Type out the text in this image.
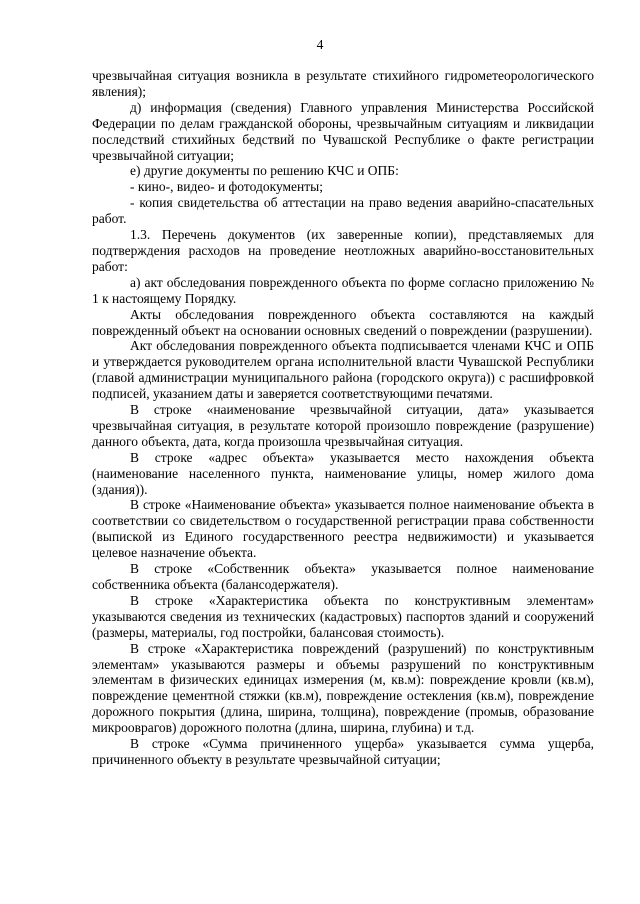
4

чрезвычайная ситуация возникла в результате стихийного гидрометеорологического явления);

д) информация (сведения) Главного управления Министерства Российской Федерации по делам гражданской обороны, чрезвычайным ситуациям и ликвидации последствий стихийных бедствий по Чувашской Республике о факте регистрации чрезвычайной ситуации;

е) другие документы по решению КЧС и ОПБ:

- кино-, видео- и фотодокументы;

- копия свидетельства об аттестации на право ведения аварийно-спасательных работ.

1.3. Перечень документов (их заверенные копии), представляемых для подтверждения расходов на проведение неотложных аварийно-восстановительных работ:

а) акт обследования поврежденного объекта по форме согласно приложению № 1 к настоящему Порядку.

Акты обследования поврежденного объекта составляются на каждый поврежденный объект на основании основных сведений о повреждении (разрушении).

Акт обследования поврежденного объекта подписывается членами КЧС и ОПБ и утверждается руководителем органа исполнительной власти Чувашской Республики (главой администрации муниципального района (городского округа)) с расшифровкой подписей, указанием даты и заверяется соответствующими печатями.

В строке «наименование чрезвычайной ситуации, дата» указывается чрезвычайная ситуация, в результате которой произошло повреждение (разрушение) данного объекта, дата, когда произошла чрезвычайная ситуация.

В строке «адрес объекта» указывается место нахождения объекта (наименование населенного пункта, наименование улицы, номер жилого дома (здания)).

В строке «Наименование объекта» указывается полное наименование объекта в соответствии со свидетельством о государственной регистрации права собственности (выпиской из Единого государственного реестра недвижимости) и указывается целевое назначение объекта.

В строке «Собственник объекта» указывается полное наименование собственника объекта (балансодержателя).

В строке «Характеристика объекта по конструктивным элементам» указываются сведения из технических (кадастровых) паспортов зданий и сооружений (размеры, материалы, год постройки, балансовая стоимость).

В строке «Характеристика повреждений (разрушений) по конструктивным элементам» указываются размеры и объемы разрушений по конструктивным элементам в физических единицах измерения (м, кв.м): повреждение кровли (кв.м), повреждение цементной стяжки (кв.м), повреждение остекления (кв.м), повреждение дорожного покрытия (длина, ширина, толщина), повреждение (промыв, образование микрооврагов) дорожного полотна (длина, ширина, глубина) и т.д.

В строке «Сумма причиненного ущерба» указывается сумма ущерба, причиненного объекту в результате чрезвычайной ситуации;
